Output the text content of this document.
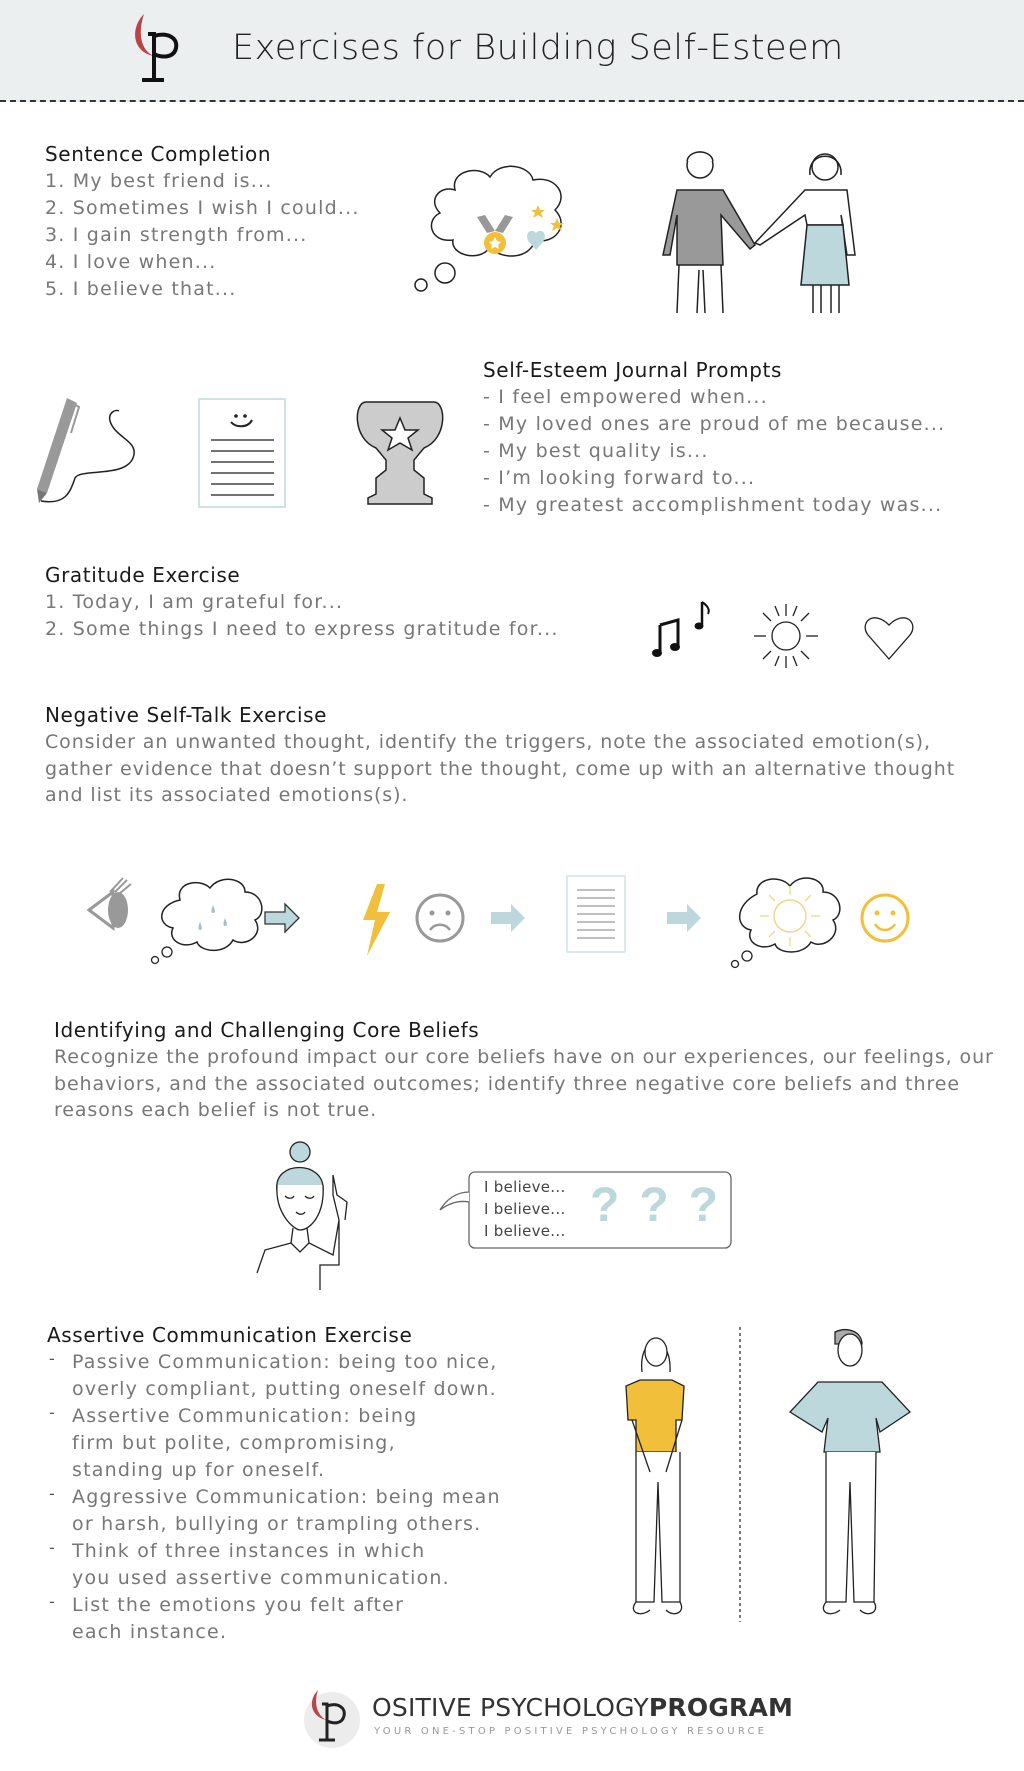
Exercises for Building Self-Esteem
Sentence Completion
1. My best friend is...
2. Sometimes I wish I could...
3. I gain strength from...
4. I love when...
5. I believe that...
Self-Esteem Journal Prompts
- I feel empowered when...
- My loved ones are proud of me because...
- My best quality is...
- I’m looking forward to...
- My greatest accomplishment today was...
Gratitude Exercise
1. Today, I am grateful for...
2. Some things I need to express gratitude for...
Negative Self-Talk Exercise

Consider an unwanted thought, identify the triggers, note the associated emotion(s), gather evidence that doesn’t support the thought, come up with an alternative thought and list its associated emotions(s).

Identifying and Challenging Core Beliefs

Recognize the profound impact our core beliefs have on our experiences, our feelings, our behaviors, and the associated outcomes; identify three negative core beliefs and three reasons each belief is not true.

I believe...
I believe...
I believe... ???
Assertive Communication Exercise
- Passive Communication: being too nice,
overly compliant, putting oneself down.
- Assertive Communication: being
firm but polite, compromising,
standing up for oneself.
- Aggressive Communication: being mean
or harsh, bullying or trampling others.
- Think of three instances in which
you used assertive communication.
- List the emotions you felt after
each instance.
OSITIVE PSYCHOLOGYPROGRAM
YOUR ONE-STOP POSITIVE PSYCHOLOGY RESOURCE
